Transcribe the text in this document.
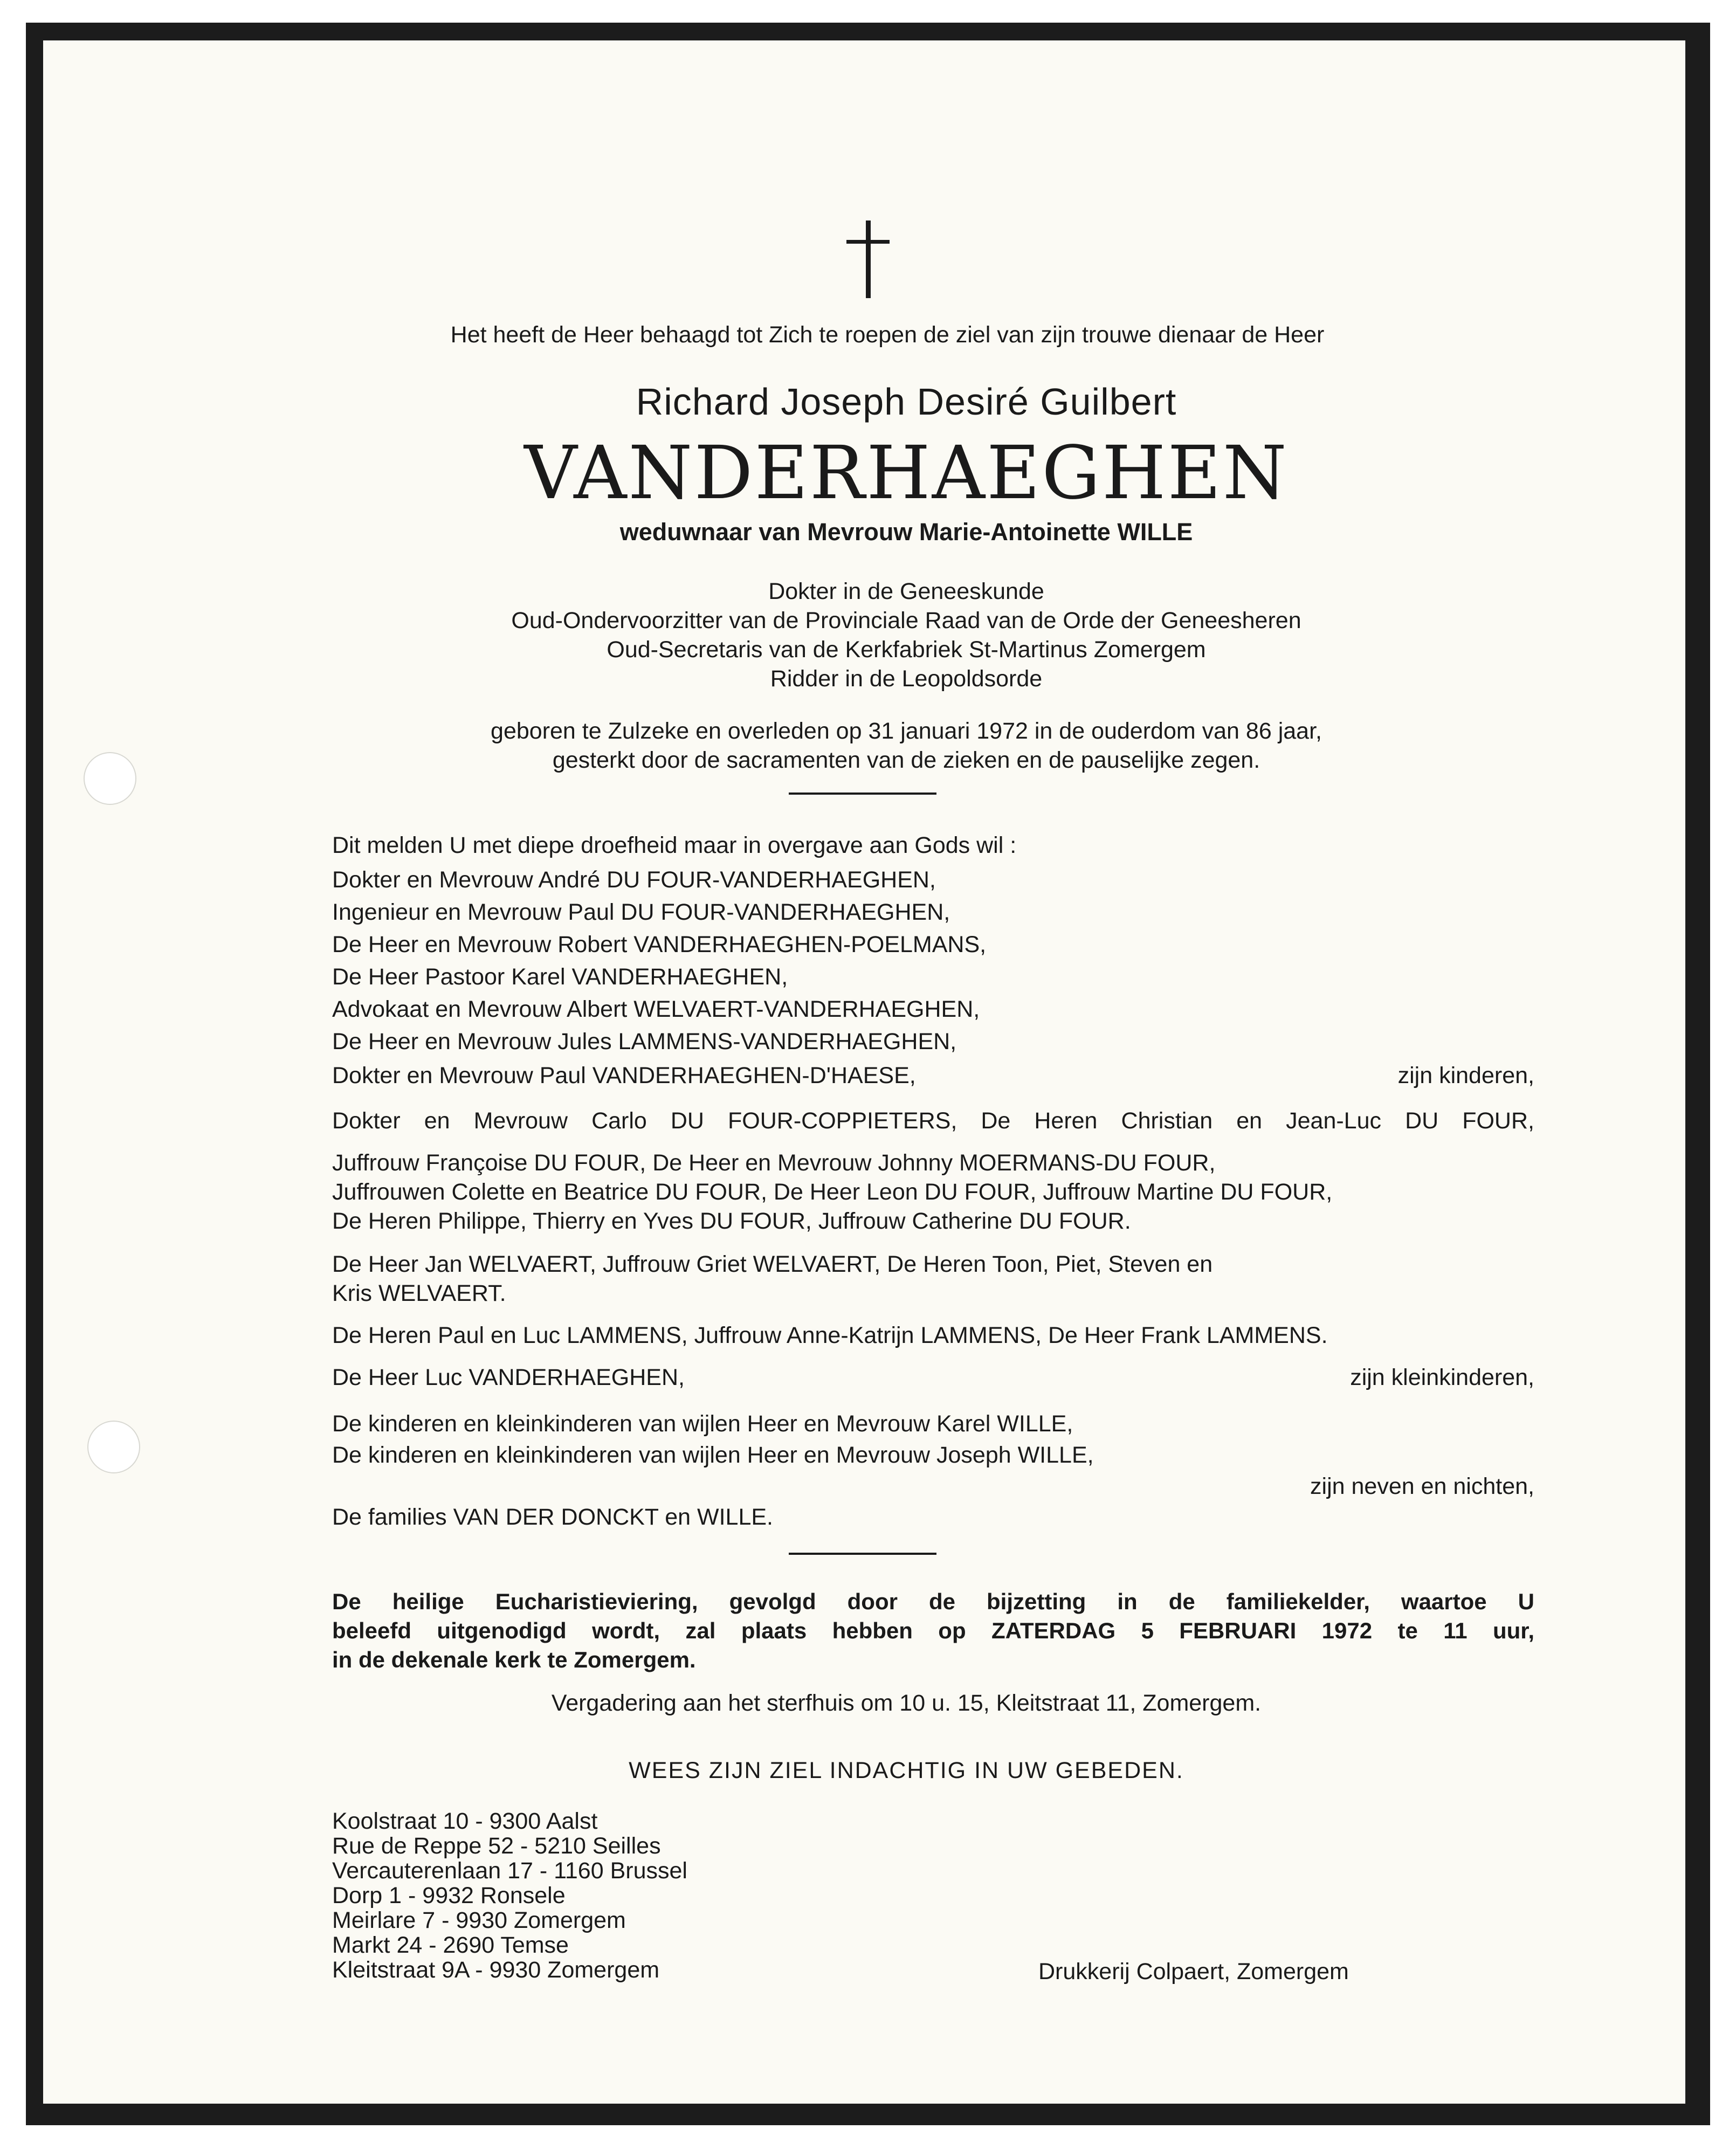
Het heeft de Heer behaagd tot Zich te roepen de ziel van zijn trouwe dienaar de Heer
Richard Joseph Desiré Guilbert
VANDERHAEGHEN
weduwnaar van Mevrouw Marie-Antoinette WILLE
Dokter in de Geneeskunde
Oud-Ondervoorzitter van de Provinciale Raad van de Orde der Geneesheren
Oud-Secretaris van de Kerkfabriek St-Martinus Zomergem
Ridder in de Leopoldsorde
geboren te Zulzeke en overleden op 31 januari 1972 in de ouderdom van 86 jaar,
gesterkt door de sacramenten van de zieken en de pauselijke zegen.
Dit melden U met diepe droefheid maar in overgave aan Gods wil :
Dokter en Mevrouw André DU FOUR-VANDERHAEGHEN,
Ingenieur en Mevrouw Paul DU FOUR-VANDERHAEGHEN,
De Heer en Mevrouw Robert VANDERHAEGHEN-POELMANS,
De Heer Pastoor Karel VANDERHAEGHEN,
Advokaat en Mevrouw Albert WELVAERT-VANDERHAEGHEN,
De Heer en Mevrouw Jules LAMMENS-VANDERHAEGHEN,
Dokter en Mevrouw Paul VANDERHAEGHEN-D'HAESE,	zijn kinderen,
Dokter en Mevrouw Carlo DU FOUR-COPPIETERS, De Heren Christian en Jean-Luc DU FOUR,
Juffrouw Françoise DU FOUR, De Heer en Mevrouw Johnny MOERMANS-DU FOUR,
Juffrouwen Colette en Beatrice DU FOUR, De Heer Leon DU FOUR, Juffrouw Martine DU FOUR,
De Heren Philippe, Thierry en Yves DU FOUR, Juffrouw Catherine DU FOUR.
De Heer Jan WELVAERT, Juffrouw Griet WELVAERT, De Heren Toon, Piet, Steven en
Kris WELVAERT.
De Heren Paul en Luc LAMMENS, Juffrouw Anne-Katrijn LAMMENS, De Heer Frank LAMMENS.
De Heer Luc VANDERHAEGHEN,	zijn kleinkinderen,
De kinderen en kleinkinderen van wijlen Heer en Mevrouw Karel WILLE,
De kinderen en kleinkinderen van wijlen Heer en Mevrouw Joseph WILLE,
zijn neven en nichten,
De families VAN DER DONCKT en WILLE.
De heilige Eucharistieviering, gevolgd door de bijzetting in de familiekelder, waartoe U
beleefd uitgenodigd wordt, zal plaats hebben op ZATERDAG 5 FEBRUARI 1972 te 11 uur,
in de dekenale kerk te Zomergem.
Vergadering aan het sterfhuis om 10 u. 15, Kleitstraat 11, Zomergem.
WEES ZIJN ZIEL INDACHTIG IN UW GEBEDEN.
Koolstraat 10 - 9300 Aalst
Rue de Reppe 52 - 5210 Seilles
Vercauterenlaan 17 - 1160 Brussel
Dorp 1 - 9932 Ronsele
Meirlare 7 - 9930 Zomergem
Markt 24 - 2690 Temse
Kleitstraat 9A - 9930 Zomergem	Drukkerij Colpaert, Zomergem
